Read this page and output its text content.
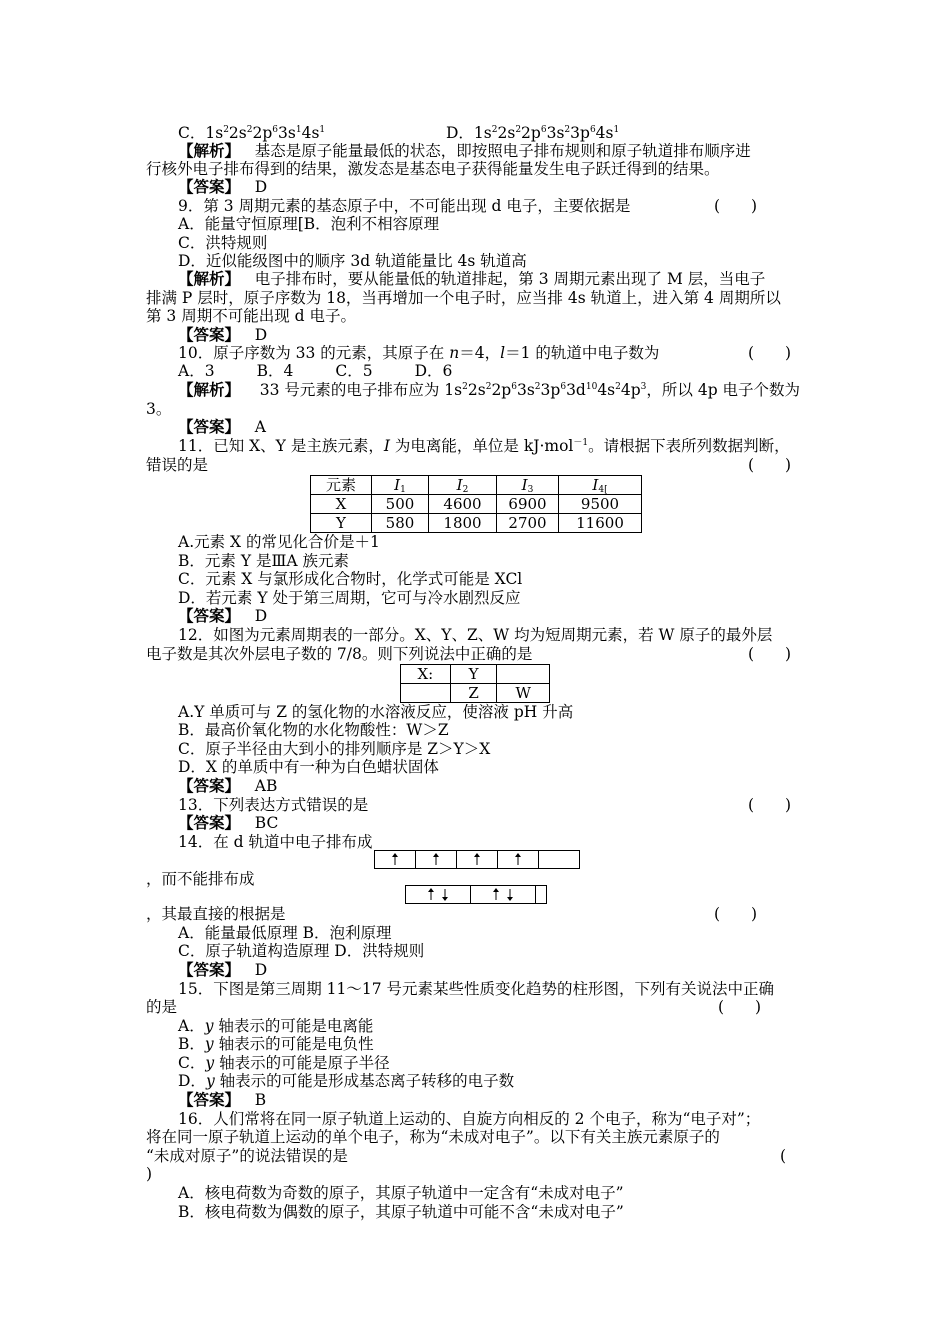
C．$1s^22s^22p^63s^14s^1$	D．$1s^22s^22p^63s^23p^64s^1$
【解析】 基态是原子能量最低的状态，即按照电子排布规则和原子轨道排布顺序进
行核外电子排布得到的结果，激发态是基态电子获得能量发生电子跃迁得到的结果。
【答案】 D
9．第 3 周期元素的基态原子中，不可能出现 d 电子，主要依据是	(　　)
A．能量守恒原理[B．泡利不相容原理
C．洪特规则
D．近似能级图中的顺序 3d 轨道能量比 4s 轨道高
【解析】 电子排布时，要从能量低的轨道排起，第 3 周期元素出现了 M 层，当电子
排满 P 层时，原子序数为 18，当再增加一个电子时，应当排 4s 轨道上，进入第 4 周期所以
第 3 周期不可能出现 d 电子。
【答案】 D
10．原子序数为 33 的元素，其原子在 n＝4，l＝1 的轨道中电子数为	(　　)
A．3	B．4	C．5	D．6
【解析】 33 号元素的电子排布应为 $1s^22s^22p^63s^23p^63d^{10}4s^24p^3$，所以 4p 电子个数为
3。
【答案】 A
11．已知 X、Y 是主族元素，I 为电离能，单位是 kJ·mol$^{-1}$。请根据下表所列数据判断，
错误的是	(　　)
元素	$I_1$	$I_2$	$I_3$	$I_{4[}$
X	500	4600	6900	9500
Y	580	1800	2700	11600
A.元素 X 的常见化合价是＋1
B．元素 Y 是ⅢA 族元素
C．元素 X 与氯形成化合物时，化学式可能是 XCl
D．若元素 Y 处于第三周期，它可与冷水剧烈反应
【答案】 D
12．如图为元素周期表的一部分。X、Y、Z、W 均为短周期元素，若 W 原子的最外层
电子数是其次外层电子数的 7/8。则下列说法中正确的是	(　　)
X:	Y	
	Z	W
A.Y 单质可与 Z 的氢化物的水溶液反应，使溶液 pH 升高
B．最高价氧化物的水化物酸性：W＞Z
C．原子半径由大到小的排列顺序是 Z＞Y＞X
D．X 的单质中有一种为白色蜡状固体
【答案】 AB
13．下列表达方式错误的是	(　　)
【答案】 BC
14．在 d 轨道中电子排布成
，而不能排布成
，其最直接的根据是	(　　)
A．能量最低原理 B．泡利原理
C．原子轨道构造原理 D．洪特规则
【答案】 D
15．下图是第三周期 11～17 号元素某些性质变化趋势的柱形图，下列有关说法中正确
的是	(　　)
A．y 轴表示的可能是电离能
B．y 轴表示的可能是电负性
C．y 轴表示的可能是原子半径
D．y 轴表示的可能是形成基态离子转移的电子数
【答案】 B
16．人们常将在同一原子轨道上运动的、自旋方向相反的 2 个电子，称为“电子对”；
将在同一原子轨道上运动的单个电子，称为“未成对电子”。以下有关主族元素原子的
“未成对原子”的说法错误的是	(
)
A．核电荷数为奇数的原子，其原子轨道中一定含有“未成对电子”
B．核电荷数为偶数的原子，其原子轨道中可能不含“未成对电子”
